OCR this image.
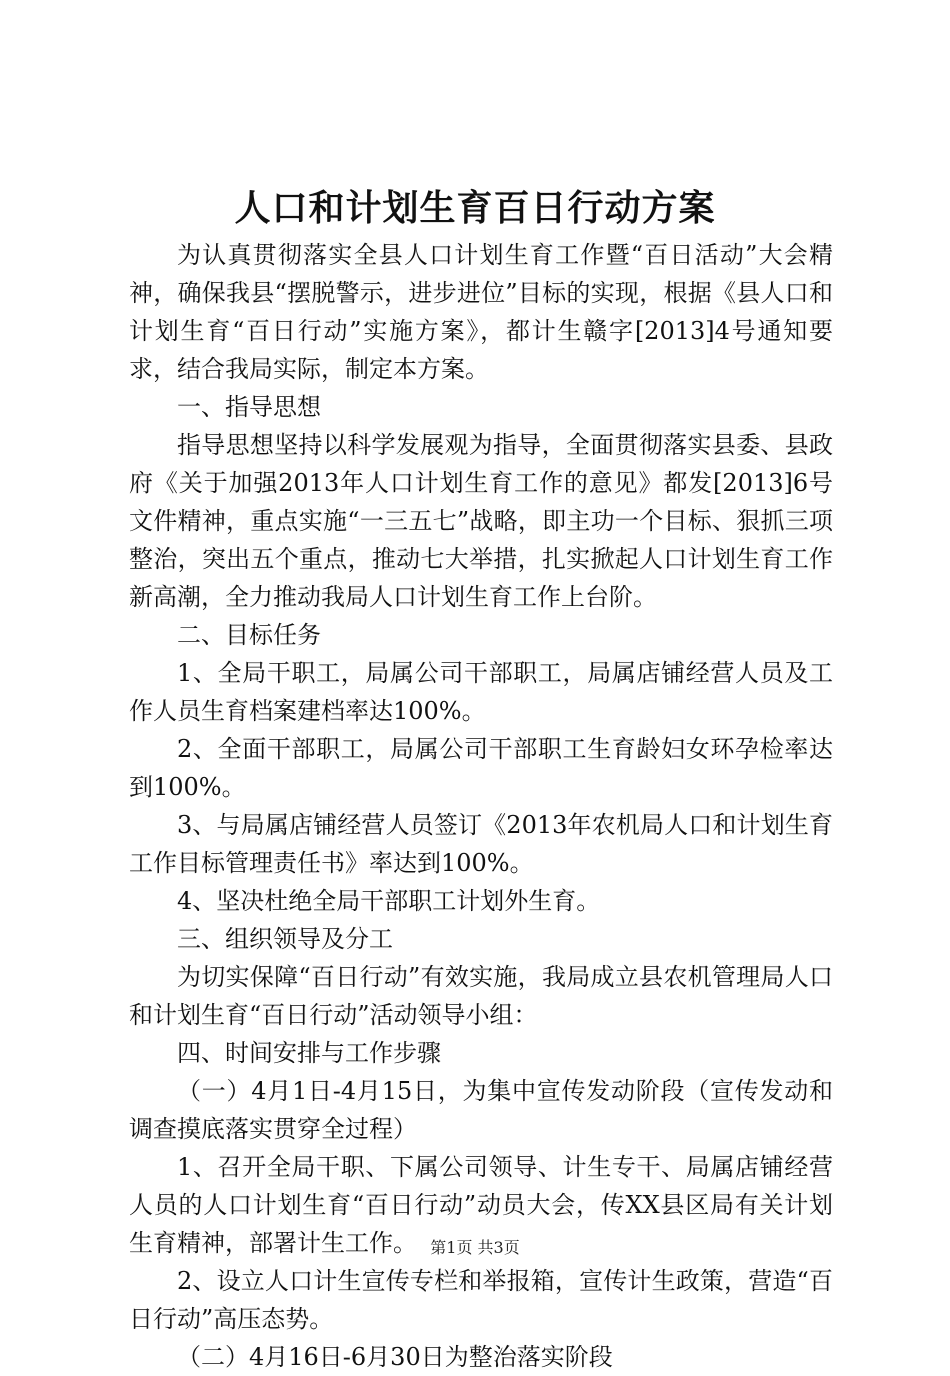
人口和计划生育百日行动方案

为认真贯彻落实全县人口计划生育工作暨“百日活动”大会精神，确保我县“摆脱警示，进步进位”目标的实现，根据《县人口和计划生育“百日行动”实施方案》，都计生赣字[2013]4号通知要求，结合我局实际，制定本方案。

一、指导思想

指导思想坚持以科学发展观为指导，全面贯彻落实县委、县政府《关于加强2013年人口计划生育工作的意见》都发[2013]6号文件精神，重点实施“一三五七”战略，即主功一个目标、狠抓三项整治，突出五个重点，推动七大举措，扎实掀起人口计划生育工作新高潮，全力推动我局人口计划生育工作上台阶。

二、目标任务

1、全局干职工，局属公司干部职工，局属店铺经营人员及工作人员生育档案建档率达100%。

2、全面干部职工，局属公司干部职工生育龄妇女环孕检率达到100%。

3、与局属店铺经营人员签订《2013年农机局人口和计划生育工作目标管理责任书》率达到100%。

4、坚决杜绝全局干部职工计划外生育。

三、组织领导及分工

为切实保障“百日行动”有效实施，我局成立县农机管理局人口和计划生育“百日行动”活动领导小组：

四、时间安排与工作步骤

（一）4月1日-4月15日，为集中宣传发动阶段（宣传发动和调查摸底落实贯穿全过程）

1、召开全局干职、下属公司领导、计生专干、局属店铺经营人员的人口计划生育“百日行动”动员大会，传XX县区局有关计划生育精神，部署计生工作。

2、设立人口计生宣传专栏和举报箱，宣传计生政策，营造“百日行动”高压态势。

（二）4月16日-6月30日为整治落实阶段

第1页 共3页
